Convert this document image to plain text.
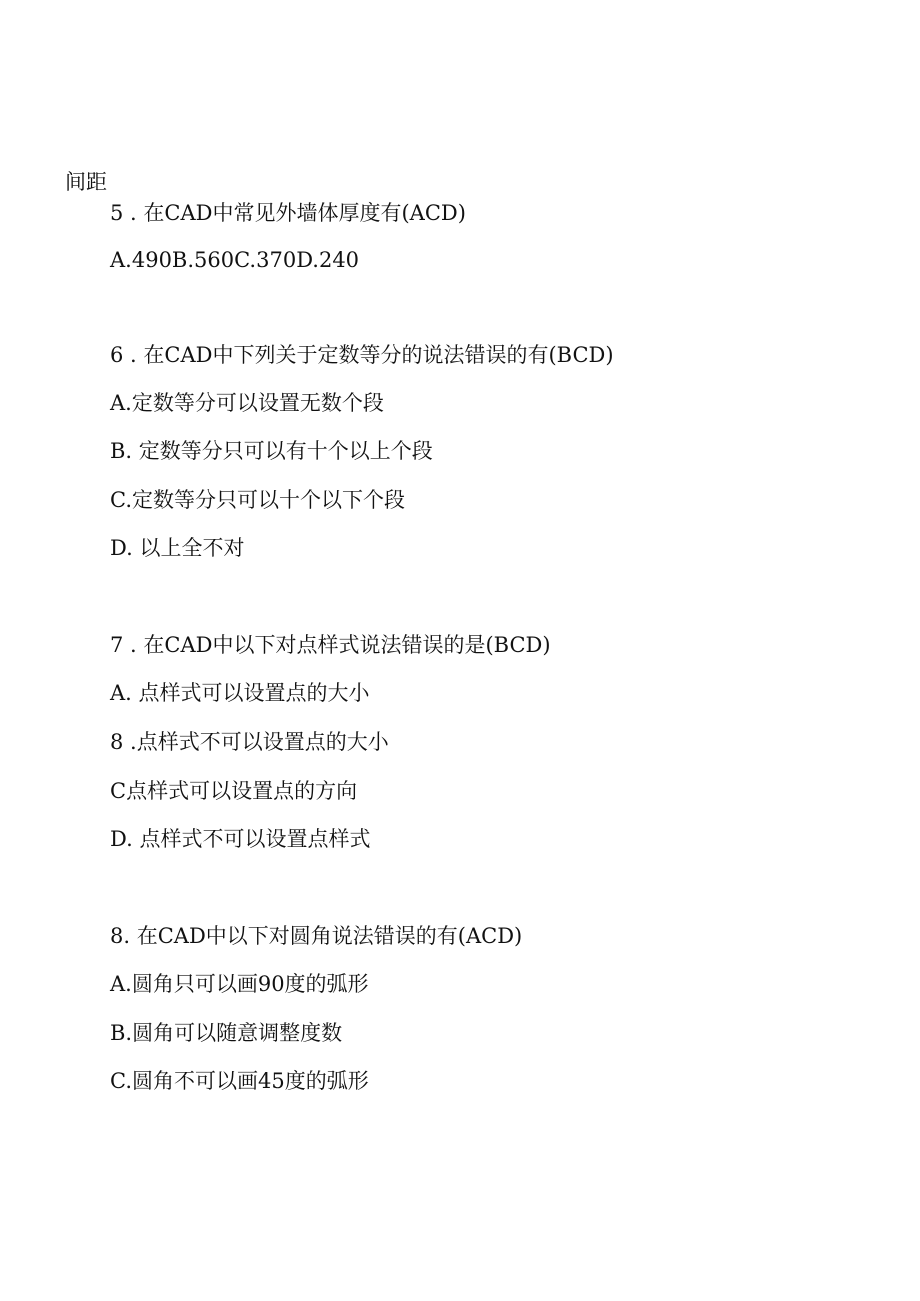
间距
5 . 在CAD中常见外墙体厚度有(ACD)
A.490B.560C.370D.240
6 . 在CAD中下列关于定数等分的说法错误的有(BCD)
A.定数等分可以设置无数个段
B. 定数等分只可以有十个以上个段
C.定数等分只可以十个以下个段
D. 以上全不对
7 . 在CAD中以下对点样式说法错误的是(BCD)
A. 点样式可以设置点的大小
8 .点样式不可以设置点的大小
C点样式可以设置点的方向
D. 点样式不可以设置点样式
8. 在CAD中以下对圆角说法错误的有(ACD)
A.圆角只可以画90度的弧形
B.圆角可以随意调整度数
C.圆角不可以画45度的弧形
